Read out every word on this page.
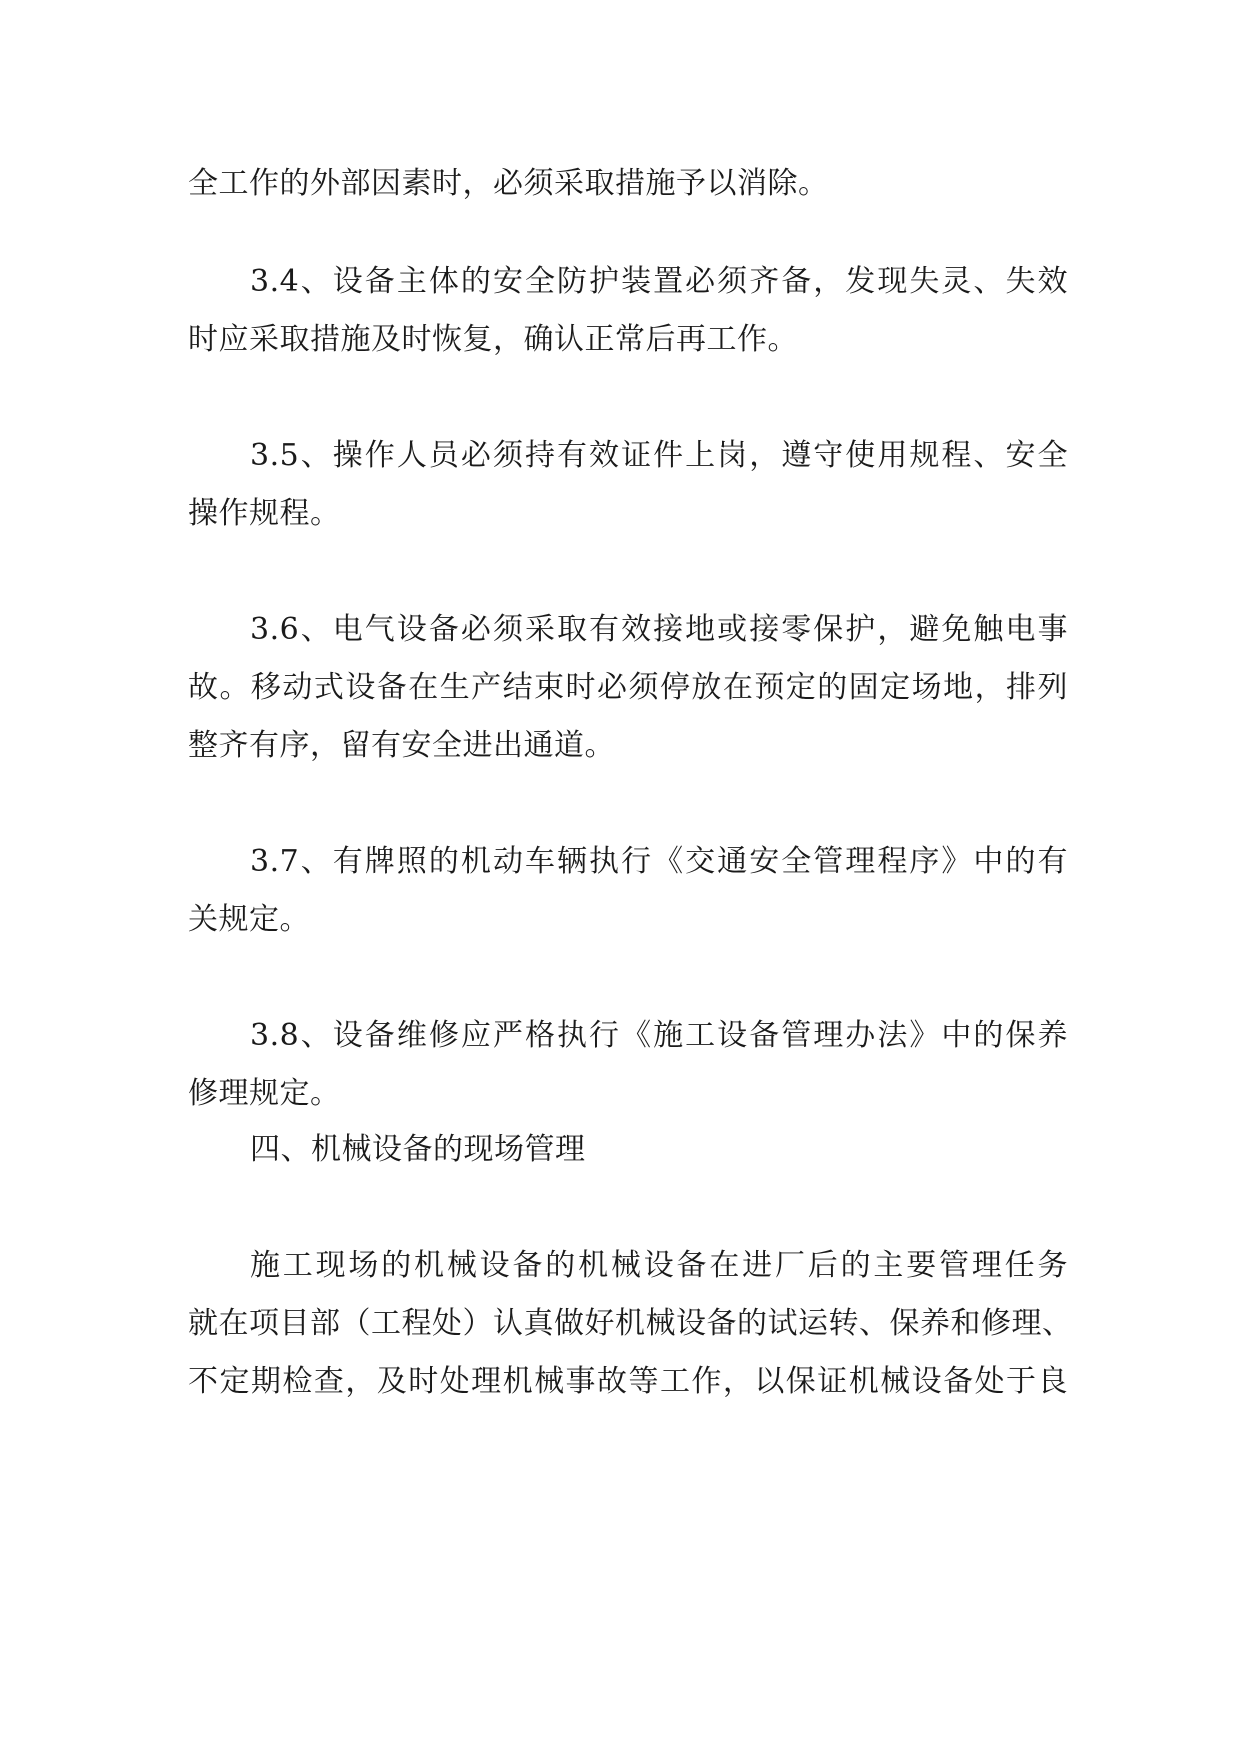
全工作的外部因素时，必须采取措施予以消除。
3.4、设备主体的安全防护装置必须齐备，发现失灵、失效
时应采取措施及时恢复，确认正常后再工作。
3.5、操作人员必须持有效证件上岗，遵守使用规程、安全
操作规程。
3.6、电气设备必须采取有效接地或接零保护，避免触电事
故。移动式设备在生产结束时必须停放在预定的固定场地，排列
整齐有序，留有安全进出通道。
3.7、有牌照的机动车辆执行《交通安全管理程序》中的有
关规定。
3.8、设备维修应严格执行《施工设备管理办法》中的保养
修理规定。
四、机械设备的现场管理
施工现场的机械设备的机械设备在进厂后的主要管理任务
就在项目部（工程处）认真做好机械设备的试运转、保养和修理、
不定期检查，及时处理机械事故等工作，以保证机械设备处于良
